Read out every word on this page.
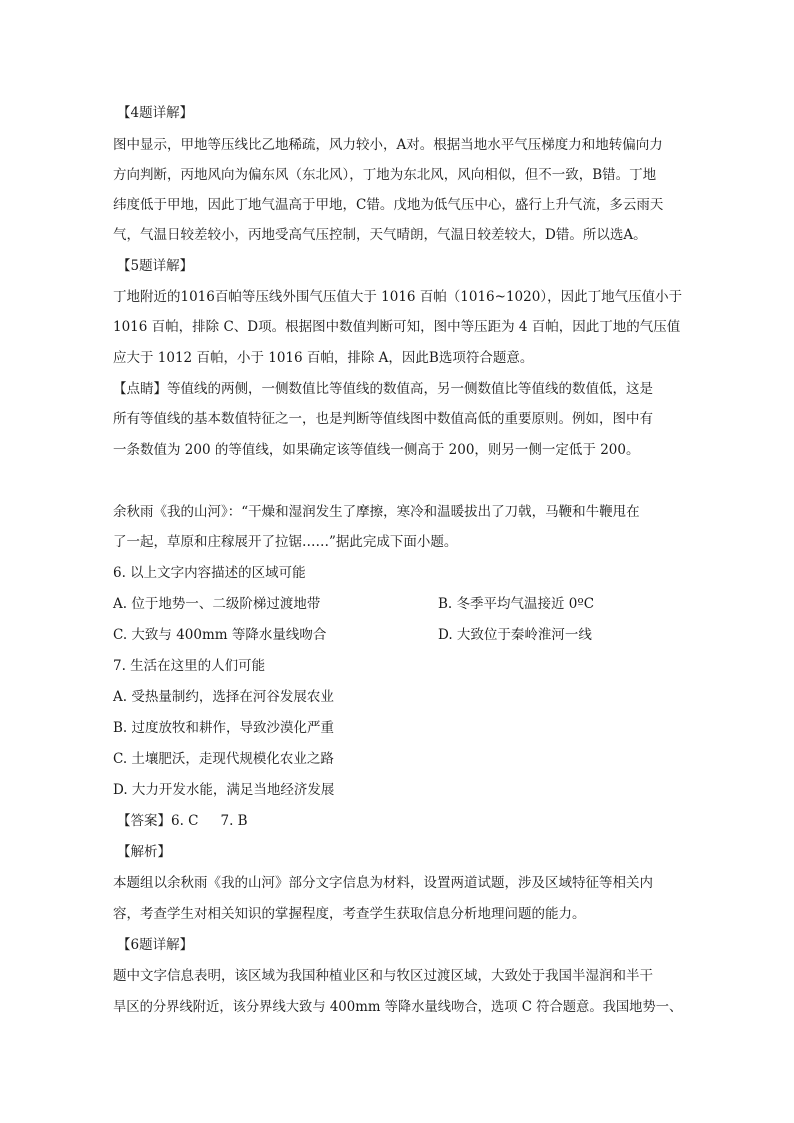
【4题详解】
图中显示，甲地等压线比乙地稀疏，风力较小，A对。根据当地水平气压梯度力和地转偏向力
方向判断，丙地风向为偏东风（东北风），丁地为东北风，风向相似，但不一致，B错。丁地
纬度低于甲地，因此丁地气温高于甲地，C错。戊地为低气压中心，盛行上升气流，多云雨天
气，气温日较差较小，丙地受高气压控制，天气晴朗，气温日较差较大，D错。所以选A。
【5题详解】
丁地附近的1016百帕等压线外围气压值大于 1016 百帕（1016~1020），因此丁地气压值小于
1016 百帕，排除 C、D项。根据图中数值判断可知，图中等压距为 4 百帕，因此丁地的气压值
应大于 1012 百帕，小于 1016 百帕，排除 A，因此B选项符合题意。
【点睛】等值线的两侧，一侧数值比等值线的数值高，另一侧数值比等值线的数值低，这是
所有等值线的基本数值特征之一，也是判断等值线图中数值高低的重要原则。例如，图中有
一条数值为 200 的等值线，如果确定该等值线一侧高于 200，则另一侧一定低于 200。
余秋雨《我的山河》：“干燥和湿润发生了摩擦，寒冷和温暖拔出了刀戟，马鞭和牛鞭甩在
了一起，草原和庄稼展开了拉锯……”据此完成下面小题。
6. 以上文字内容描述的区域可能
A. 位于地势一、二级阶梯过渡地带	B. 冬季平均气温接近 0ºC
C. 大致与 400mm 等降水量线吻合	D. 大致位于秦岭淮河一线
7. 生活在这里的人们可能
A. 受热量制约，选择在河谷发展农业
B. 过度放牧和耕作，导致沙漠化严重
C. 土壤肥沃，走现代规模化农业之路
D. 大力开发水能，满足当地经济发展
【答案】6. C 7. B
【解析】
本题组以余秋雨《我的山河》部分文字信息为材料，设置两道试题，涉及区域特征等相关内
容，考查学生对相关知识的掌握程度，考查学生获取信息分析地理问题的能力。
【6题详解】
题中文字信息表明，该区域为我国种植业区和与牧区过渡区域，大致处于我国半湿润和半干
旱区的分界线附近，该分界线大致与 400mm 等降水量线吻合，选项 C 符合题意。我国地势一、
